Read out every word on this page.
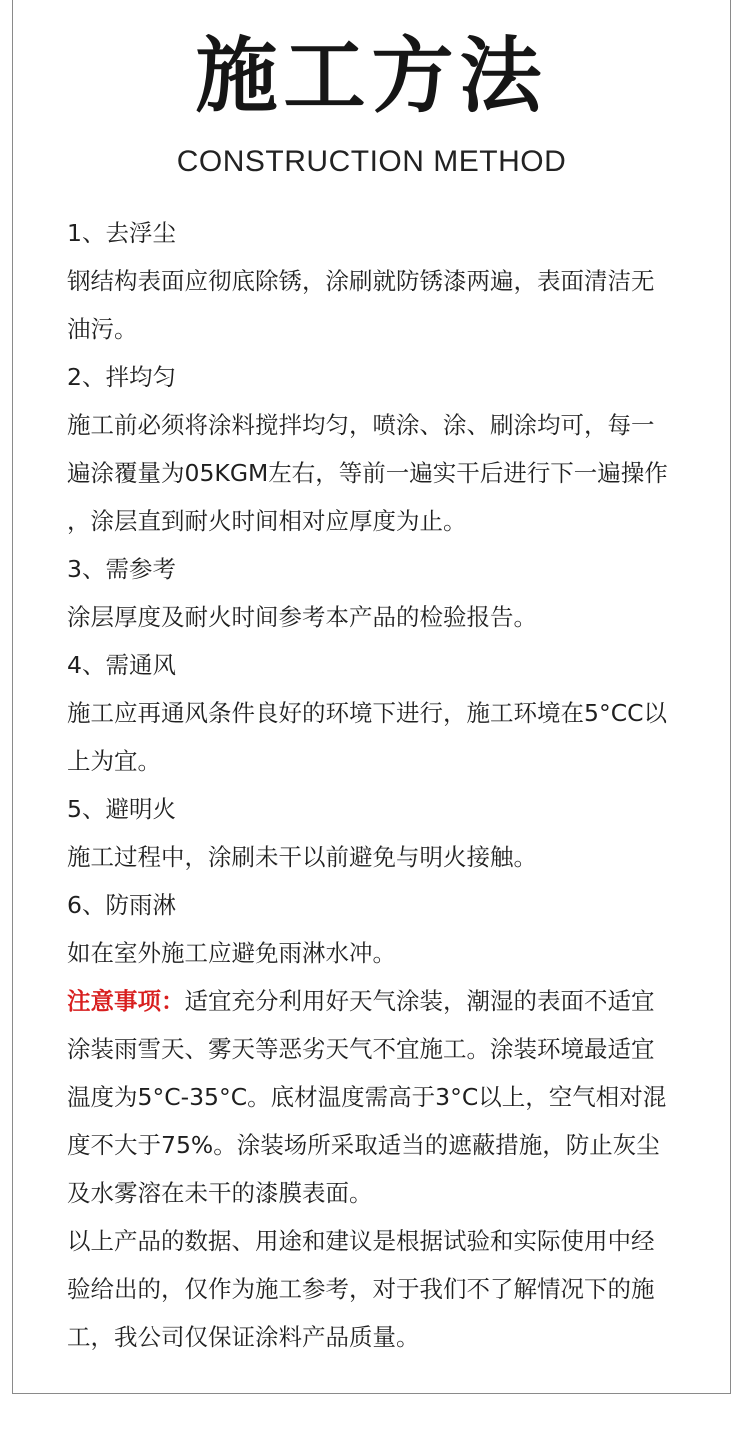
施工方法
CONSTRUCTION METHOD
1、去浮尘
钢结构表面应彻底除锈，涂刷就防锈漆两遍，表面清洁无
油污。
2、拌均匀
施工前必须将涂料搅拌均匀，喷涂、涂、刷涂均可，每一
遍涂覆量为05KGM左右，等前一遍实干后进行下一遍操作
，涂层直到耐火时间相对应厚度为止。
3、需参考
涂层厚度及耐火时间参考本产品的检验报告。
4、需通风
施工应再通风条件良好的环境下进行，施工环境在5°CC以
上为宜。
5、避明火
施工过程中，涂刷未干以前避免与明火接触。
6、防雨淋
如在室外施工应避免雨淋水冲。
注意事项：适宜充分利用好天气涂装，潮湿的表面不适宜
涂装雨雪天、雾天等恶劣天气不宜施工。涂装环境最适宜
温度为5°C-35°C。底材温度需高于3°C以上，空气相对混
度不大于75%。涂装场所采取适当的遮蔽措施，防止灰尘
及水雾溶在未干的漆膜表面。
以上产品的数据、用途和建议是根据试验和实际使用中经
验给出的，仅作为施工参考，对于我们不了解情况下的施
工，我公司仅保证涂料产品质量。
